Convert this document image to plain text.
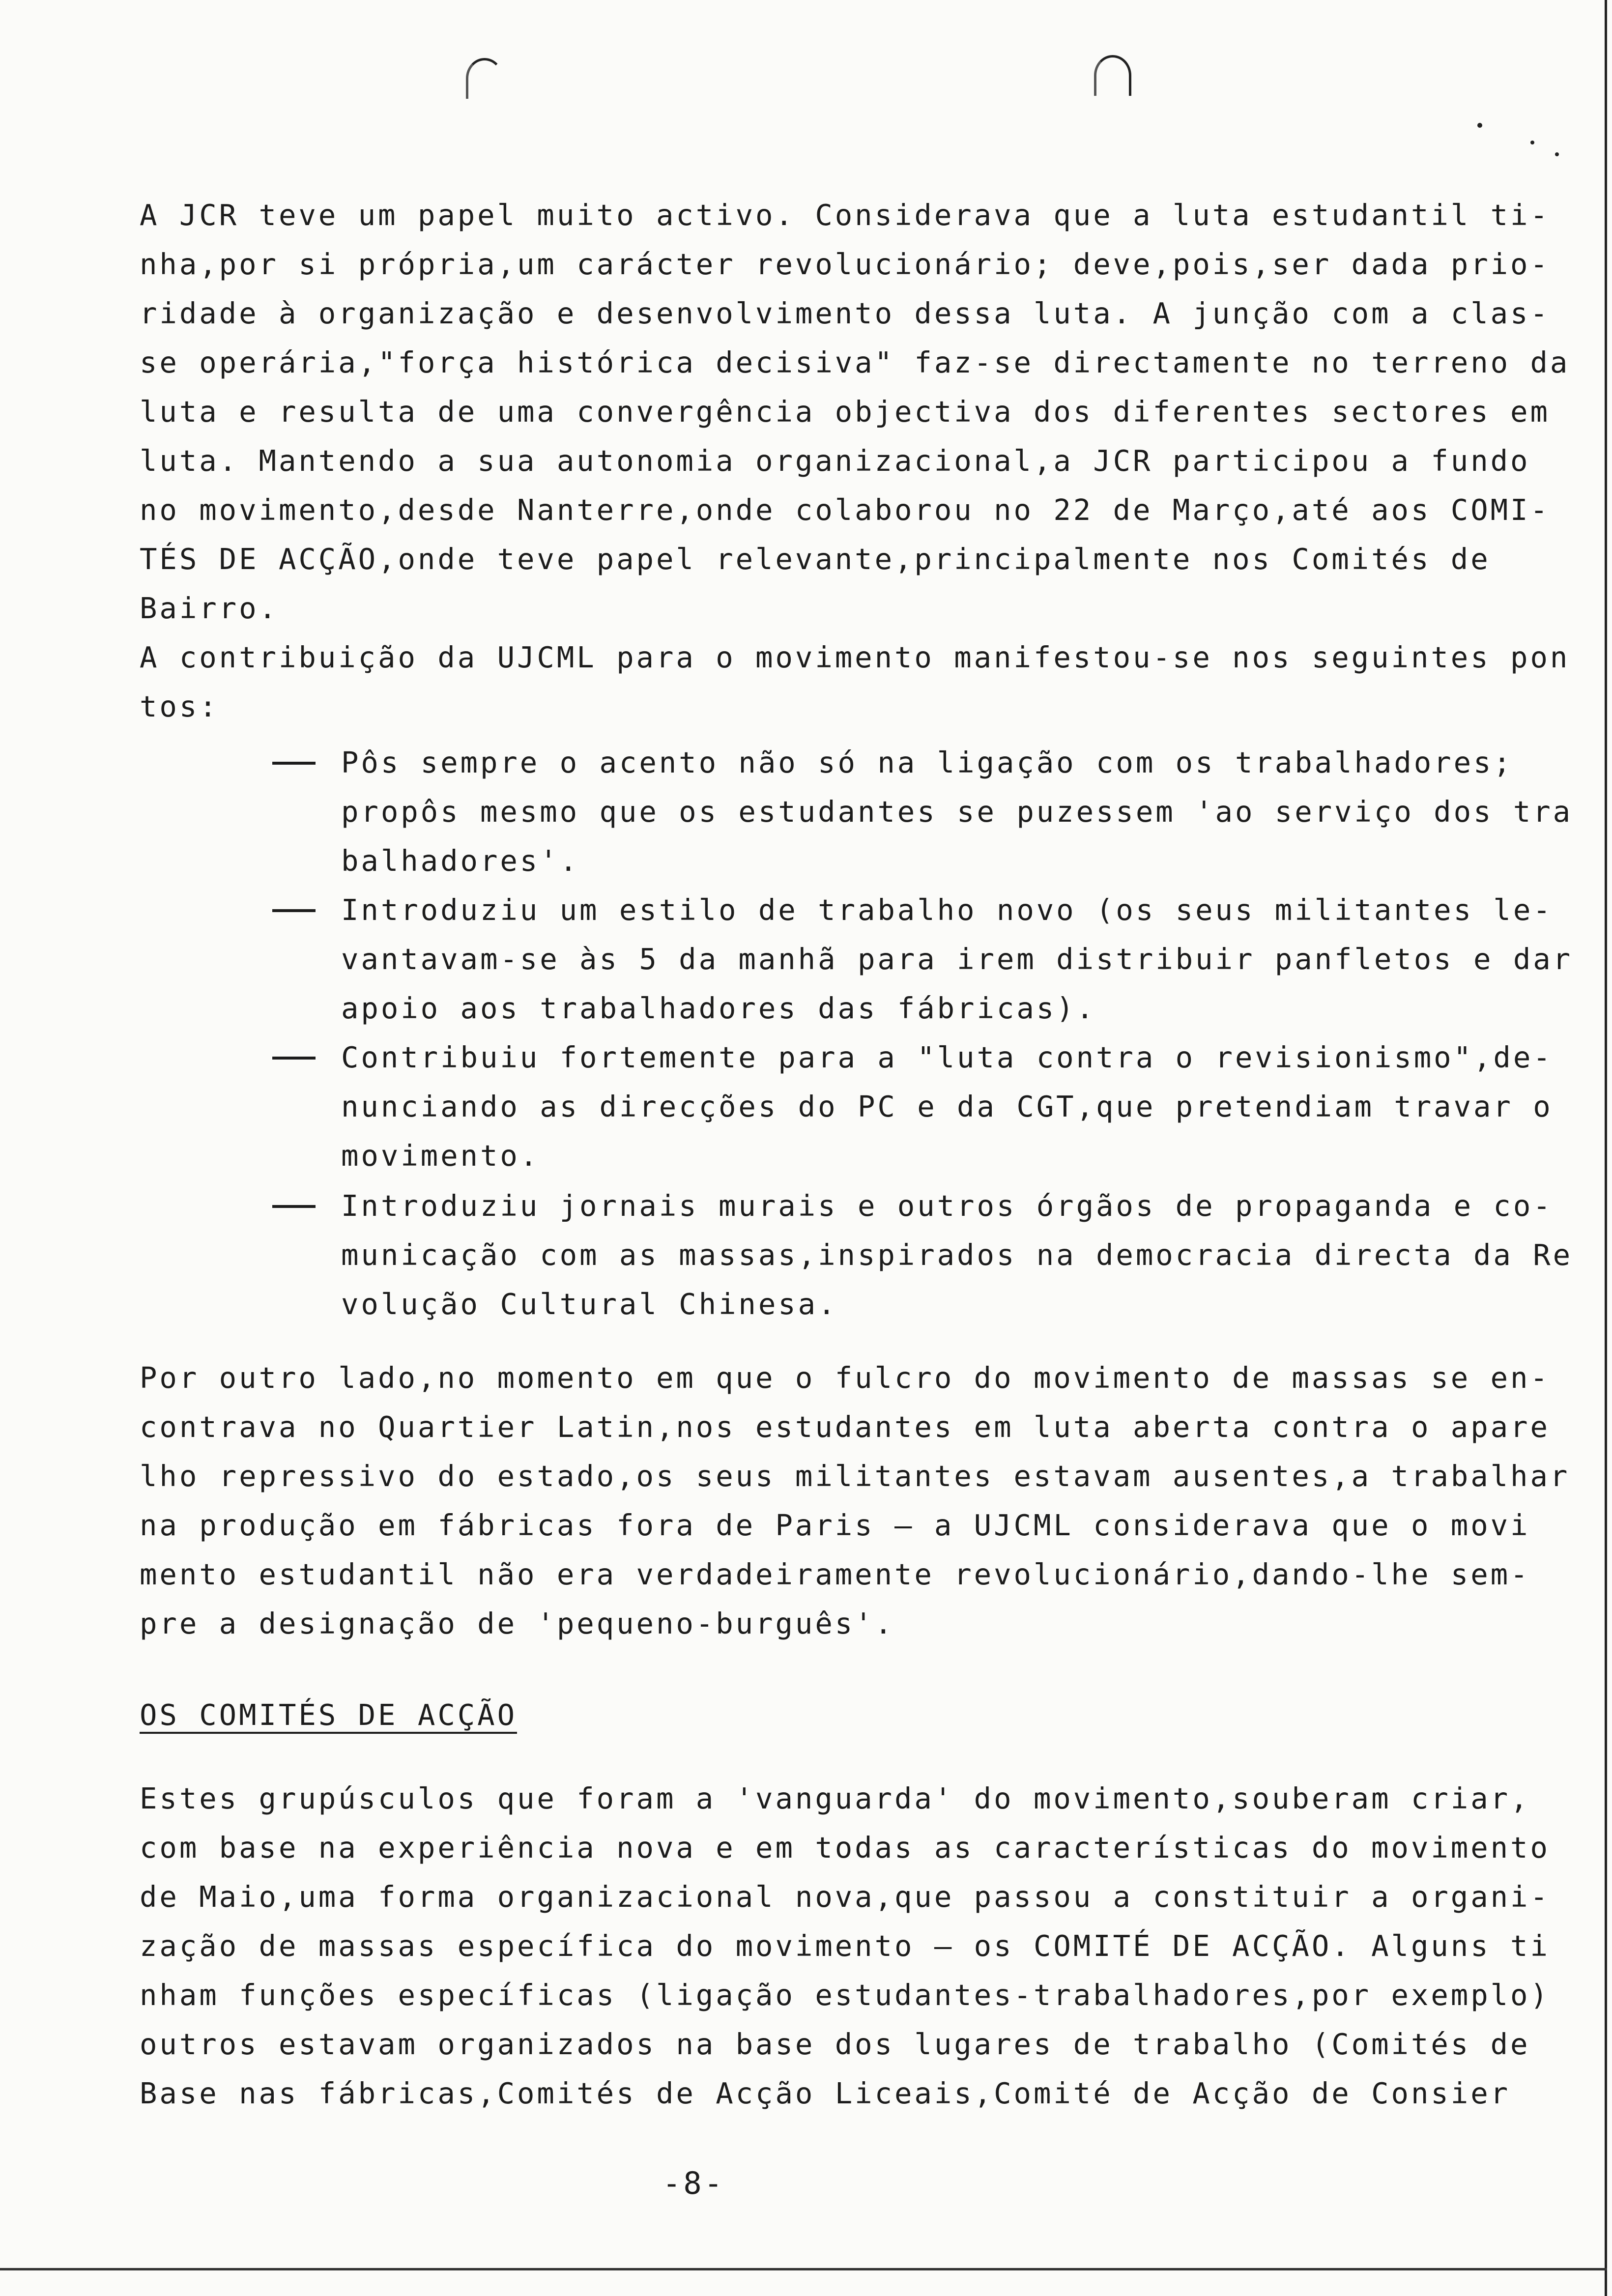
A JCR teve um papel muito activo. Considerava que a luta estudantil ti-
nha,por si própria,um carácter revolucionário; deve,pois,ser dada prio-
ridade à organização e desenvolvimento dessa luta. A junção com a clas-
se operária,"força histórica decisiva" faz-se directamente no terreno da
luta e resulta de uma convergência objectiva dos diferentes sectores em
luta. Mantendo a sua autonomia organizacional,a JCR participou a fundo
no movimento,desde Nanterre,onde colaborou no 22 de Março,até aos COMI-
TÉS DE ACÇÃO,onde teve papel relevante,principalmente nos Comités de
Bairro.
A contribuição da UJCML para o movimento manifestou-se nos seguintes pon
tos:
Pôs sempre o acento não só na ligação com os trabalhadores;
propôs mesmo que os estudantes se puzessem 'ao serviço dos tra
balhadores'.
Introduziu um estilo de trabalho novo (os seus militantes le-
vantavam-se às 5 da manhã para irem distribuir panfletos e dar
apoio aos trabalhadores das fábricas).
Contribuiu fortemente para a "luta contra o revisionismo",de-
nunciando as direcções do PC e da CGT,que pretendiam travar o
movimento.
Introduziu jornais murais e outros órgãos de propaganda e co-
municação com as massas,inspirados na democracia directa da Re
volução Cultural Chinesa.
Por outro lado,no momento em que o fulcro do movimento de massas se en-
contrava no Quartier Latin,nos estudantes em luta aberta contra o apare
lho repressivo do estado,os seus militantes estavam ausentes,a trabalhar
na produção em fábricas fora de Paris — a UJCML considerava que o movi
mento estudantil não era verdadeiramente revolucionário,dando-lhe sem-
pre a designação de 'pequeno-burguês'.
OS COMITÉS DE ACÇÃO
Estes grupúsculos que foram a 'vanguarda' do movimento,souberam criar,
com base na experiência nova e em todas as características do movimento
de Maio,uma forma organizacional nova,que passou a constituir a organi-
zação de massas específica do movimento — os COMITÉ DE ACÇÃO. Alguns ti
nham funções específicas (ligação estudantes-trabalhadores,por exemplo)
outros estavam organizados na base dos lugares de trabalho (Comités de
Base nas fábricas,Comités de Acção Liceais,Comité de Acção de Consier
-8-
